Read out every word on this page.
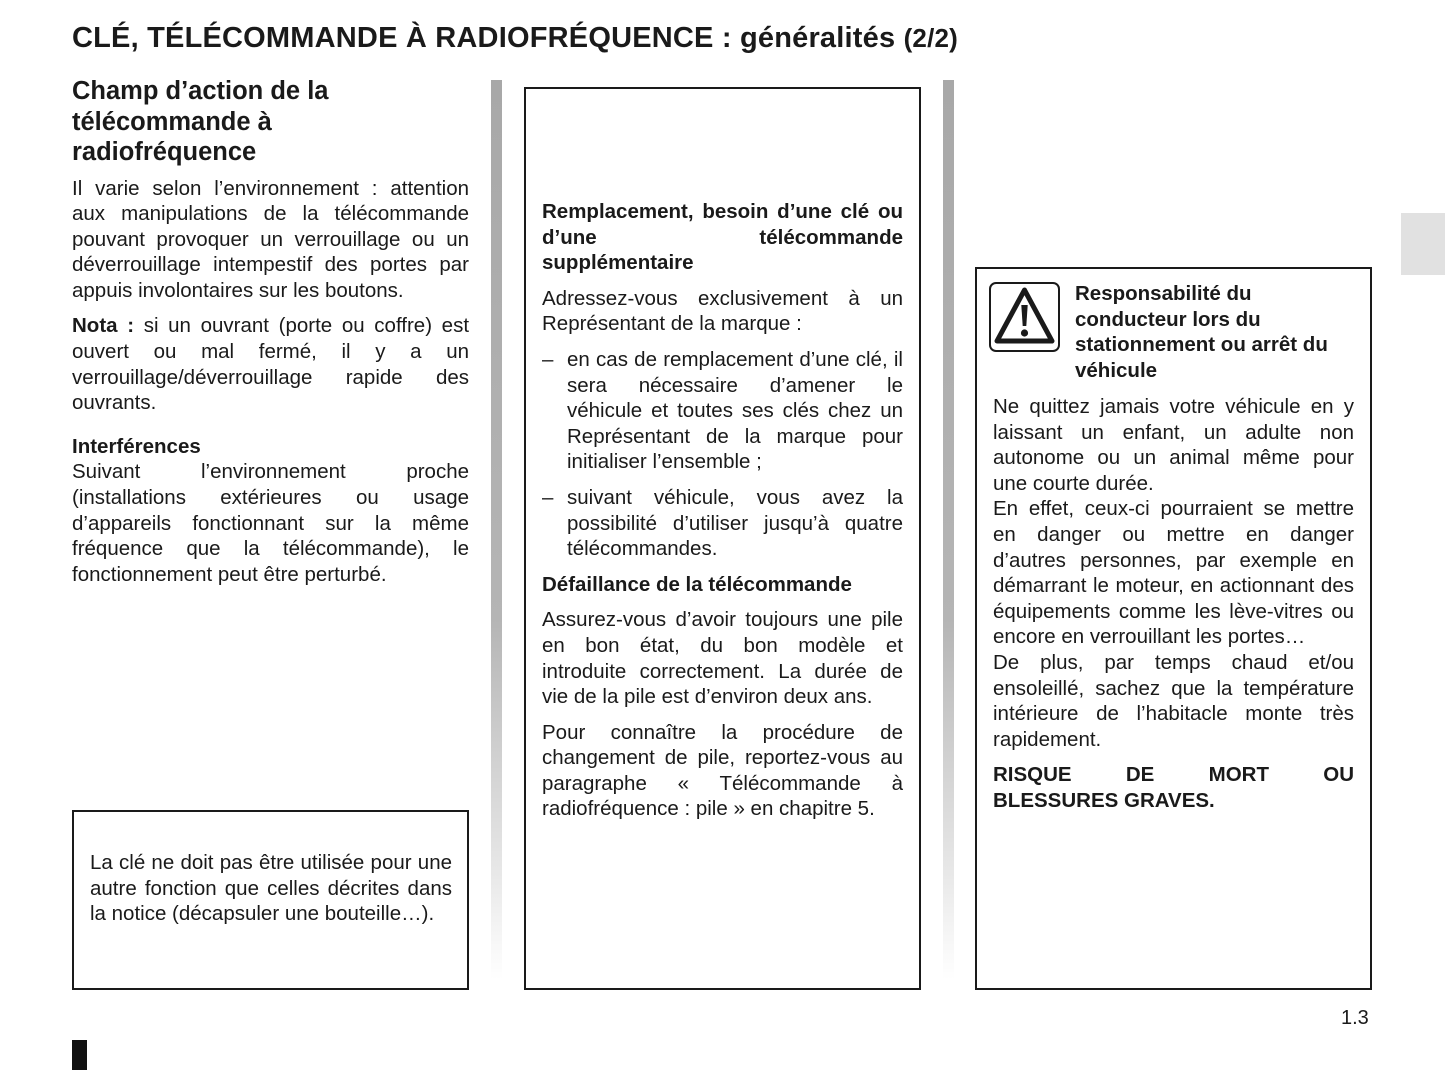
CLÉ, TÉLÉCOMMANDE À RADIOFRÉQUENCE : généralités (2/2)
Champ d’action de la télécommande à radiofréquence

Il varie selon l’environnement : attention aux manipulations de la télécommande pouvant provoquer un verrouillage ou un déverrouillage intempestif des portes par appuis involontaires sur les boutons.

Nota : si un ouvrant (porte ou coffre) est ouvert ou mal fermé, il y a un verrouillage/déverrouillage rapide des ouvrants.

Interférences

Suivant l’environnement proche (installations extérieures ou usage d’appareils fonctionnant sur la même fréquence que la télécommande), le fonctionnement peut être perturbé.

La clé ne doit pas être utilisée pour une autre fonction que celles décrites dans la notice (décapsuler une bouteille…).

Remplacement, besoin d’une clé ou d’une télécommande supplémentaire

Adressez-vous exclusivement à un Représentant de la marque :

– en cas de remplacement d’une clé, il sera nécessaire d’amener le véhicule et toutes ses clés chez un Représentant de la marque pour initialiser l’ensemble ;
– suivant véhicule, vous avez la possibilité d’utiliser jusqu’à quatre télécommandes.
Défaillance de la télécommande

Assurez-vous d’avoir toujours une pile en bon état, du bon modèle et introduite correctement. La durée de vie de la pile est d’environ deux ans.

Pour connaître la procédure de changement de pile, reportez-vous au paragraphe « Télécommande à radiofréquence : pile » en chapitre 5.

Ne quittez jamais votre véhicule en y laissant un enfant, un adulte non autonome ou un animal même pour une courte durée.

En effet, ceux-ci pourraient se mettre en danger ou mettre en danger d’autres personnes, par exemple en démarrant le moteur, en actionnant des équipements comme les lève-vitres ou encore en verrouillant les portes…

De plus, par temps chaud et/ou ensoleillé, sachez que la température intérieure de l’habitacle monte très rapidement.

RISQUE DE MORT OU
BLESSURES GRAVES.
Responsabilité du conducteur lors du stationnement ou arrêt du véhicule
1.3
